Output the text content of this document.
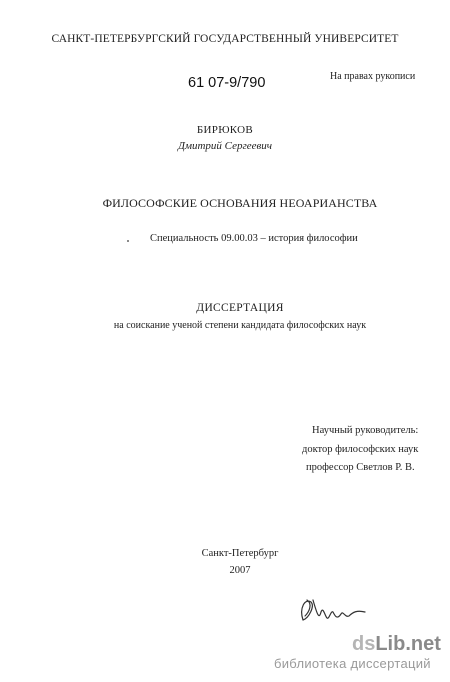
САНКТ-ПЕТЕРБУРГСКИЙ ГОСУДАРСТВЕННЫЙ УНИВЕРСИТЕТ
61 07-9/790	На правах рукописи
БИРЮКОВ
Дмитрий Сергеевич
ФИЛОСОФСКИЕ ОСНОВАНИЯ НЕОАРИАНСТВА
Специальность 09.00.03 – история философии
ДИССЕРТАЦИЯ
на соискание ученой степени кандидата философских наук
Научный руководитель:
доктор философских наук
профессор Светлов Р. В.
Санкт-Петербург
2007
dsLib.net
библиотека диссертаций
